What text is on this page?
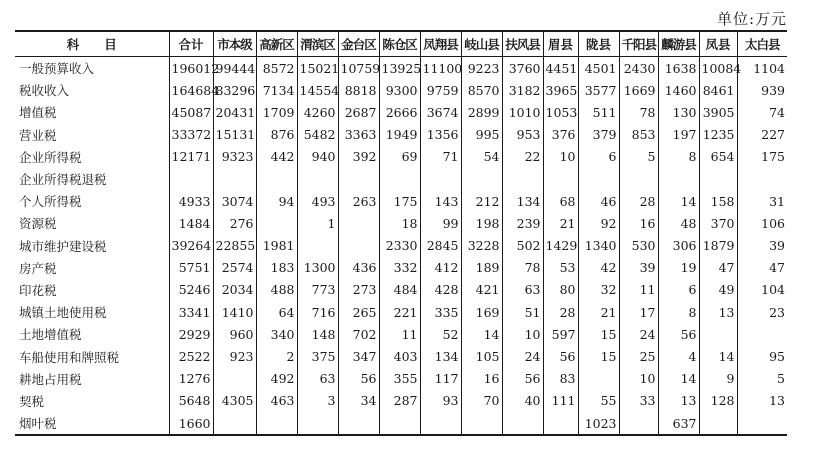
单位:万元
科　　目	合计	市本级	高新区	渭滨区	金台区	陈仓区	凤翔县	岐山县	扶风县	眉县	陇县	千阳县	麟游县	凤县	太白县
一般预算收入	196012	99444	8572	15021	10759	13925	11100	9223	3760	4451	4501	2430	1638	10084	1104
税收收入	164684	83296	7134	14554	8818	9300	9759	8570	3182	3965	3577	1669	1460	8461	939
增值税	45087	20431	1709	4260	2687	2666	3674	2899	1010	1053	511	78	130	3905	74
营业税	33372	15131	876	5482	3363	1949	1356	995	953	376	379	853	197	1235	227
企业所得税	12171	9323	442	940	392	69	71	54	22	10	6	5	8	654	175
企业所得税退税															
个人所得税	4933	3074	94	493	263	175	143	212	134	68	46	28	14	158	31
资源税	1484	276		1		18	99	198	239	21	92	16	48	370	106
城市维护建设税	39264	22855	1981			2330	2845	3228	502	1429	1340	530	306	1879	39
房产税	5751	2574	183	1300	436	332	412	189	78	53	42	39	19	47	47
印花税	5246	2034	488	773	273	484	428	421	63	80	32	11	6	49	104
城镇土地使用税	3341	1410	64	716	265	221	335	169	51	28	21	17	8	13	23
土地增值税	2929	960	340	148	702	11	52	14	10	597	15	24	56		
车船使用和牌照税	2522	923	2	375	347	403	134	105	24	56	15	25	4	14	95
耕地占用税	1276		492	63	56	355	117	16	56	83		10	14	9	5
契税	5648	4305	463	3	34	287	93	70	40	111	55	33	13	128	13
烟叶税	1660										1023		637		
